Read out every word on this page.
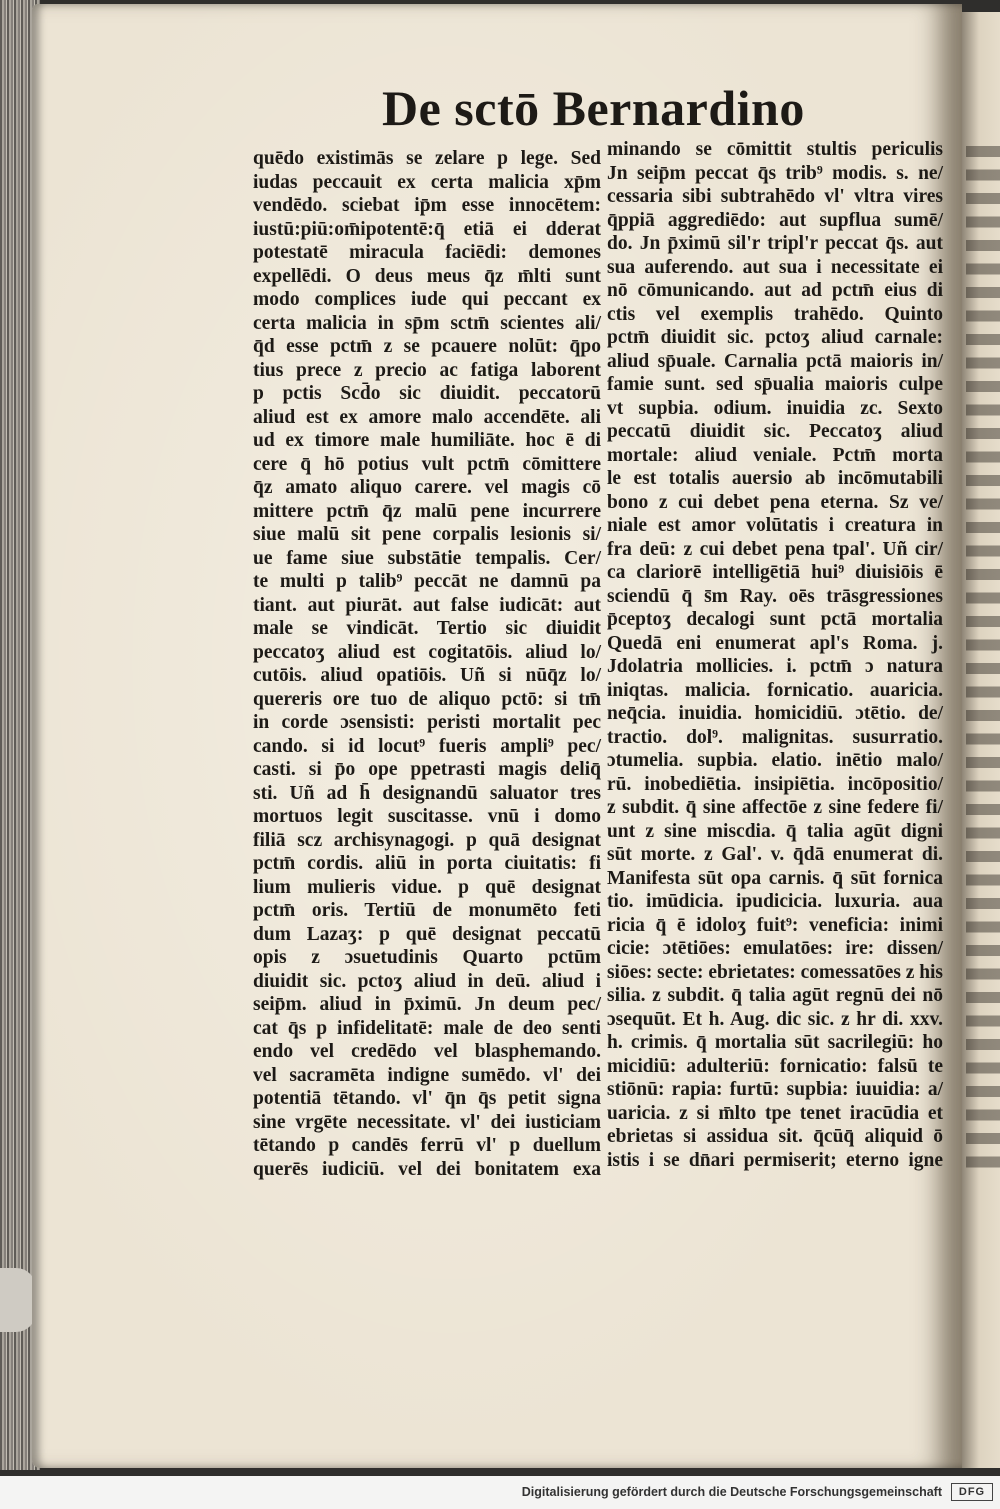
De sctō Bernardino
quēdo existimās se zelare p lege. Sed
iudas peccauit ex certa malicia xp̄m
vendēdo. sciebat ip̄m esse innocētem:
iustū:piū:om̄ipotentē:q̄ etiā ei dderat
potestatē miracula faciēdi: demones
expellēdi. O deus meus q̄z m̄lti sunt
modo complices iude qui peccant ex
certa malicia in sp̄m sctm̄ scientes ali/
q̄d esse pctm̄ z se pcauere nolūt: q̄po
tius prece z precio ac fatiga laborent
p pctis Scd̄o sic diuidit. peccatorū
aliud est ex amore malo accendēte. ali
ud ex timore male humiliāte. hoc ē di
cere q̄ hō potius vult pctm̄ cōmittere
q̄z amato aliquo carere. vel magis cō
mittere pctm̄ q̄z malū pene incurrere
siue malū sit pene corpalis lesionis si/
ue fame siue substātie tempalis. Cer/
te multi p talib⁹ peccāt ne damnū pa
tiant. aut piurāt. aut false iudicāt: aut
male se vindicāt. Tertio sic diuidit
peccatoʒ aliud est cogitatōis. aliud lo/
cutōis. aliud opatiōis. Uñ si nūq̄z lo/
quereris ore tuo de aliquo pctō: si tm̄
in corde ɔsensisti: peristi mortalit pec
cando. si id locut⁹ fueris ampli⁹ pec/
casti. si p̄o ope ppetrasti magis deliq̄
sti. Uñ ad h̄ designandū saluator tres
mortuos legit suscitasse. vnū i domo
filiā scz archisynagogi. p quā designat
pctm̄ cordis. aliū in porta ciuitatis: fi
lium mulieris vidue. p quē designat
pctm̄ oris. Tertiū de monumēto feti
dum Lazaʒ: p quē designat peccatū
opis z ɔsuetudinis Quarto pctūm
diuidit sic. pctoʒ aliud in deū. aliud i
seip̄m. aliud in p̄ximū. Jn deum pec/
cat q̄s p infidelitatē: male de deo senti
endo vel credēdo vel blasphemando.
vel sacramēta indigne sumēdo. vl' dei
potentiā tētando. vl' q̄n q̄s petit signa
sine vrgēte necessitate. vl' dei iusticiam
tētando p candēs ferrū vl' p duellum
querēs iudiciū. vel dei bonitatem exa
minando se cōmittit stultis periculis
Jn seip̄m peccat q̄s trib⁹ modis. s. ne/
cessaria sibi subtrahēdo vl' vltra vires
q̄ppiā aggrediēdo: aut supflua sumē/
do. Jn p̄ximū sil'r tripl'r peccat q̄s. aut
sua auferendo. aut sua i necessitate ei
nō cōmunicando. aut ad pctm̄ eius di
ctis vel exemplis trahēdo. Quinto
pctm̄ diuidit sic. pctoʒ aliud carnale:
aliud sp̄uale. Carnalia pctā maioris in/
famie sunt. sed sp̄ualia maioris culpe
vt supbia. odium. inuidia zc. Sexto
peccatū diuidit sic. Peccatoʒ aliud
mortale: aliud veniale. Pctm̄ morta
le est totalis auersio ab incōmutabili
bono z cui debet pena eterna. Sz ve/
niale est amor volūtatis i creatura in
fra deū: z cui debet pena tpal'. Uñ cir/
ca clariorē intelligētiā hui⁹ diuisiōis ē
sciendū q̄ s̄m Ray. oēs trāsgressiones
p̄ceptoʒ decalogi sunt pctā mortalia
Quedā eni enumerat apl's Roma. j.
Jdolatria mollicies. i. pctm̄ ɔ natura
iniqtas. malicia. fornicatio. auaricia.
neq̄cia. inuidia. homicidiū. ɔtētio. de/
tractio. dol⁹. malignitas. susurratio.
ɔtumelia. supbia. elatio. inētio malo/
rū. inobediētia. insipiētia. incōpositio/
z subdit. q̄ sine affectōe z sine federe fi/
unt z sine miscdia. q̄ talia agūt digni
sūt morte. z Gal'. v. q̄dā enumerat di.
Manifesta sūt opa carnis. q̄ sūt fornica
tio. imūdicia. ipudicicia. luxuria. aua
ricia q̄ ē idoloʒ fuit⁹: veneficia: inimi
cicie: ɔtētiōes: emulatōes: ire: dissen/
siōes: secte: ebrietates: comessatōes z his
silia. z subdit. q̄ talia agūt regnū dei nō
ɔsequūt. Et h. Aug. dic sic. z hr di. xxv.
h. crimis. q̄ mortalia sūt sacrilegiū: ho
micidiū: adulteriū: fornicatio: falsū te
stiōnū: rapia: furtū: supbia: iuuidia: a/
uaricia. z si m̄lto tpe tenet iracūdia et
ebrietas si assidua sit. q̄cūq̄ aliquid ō
istis i se dn̄ari permiserit; eterno igne
Digitalisierung gefördert durch die Deutsche Forschungsgemeinschaft	DFG
